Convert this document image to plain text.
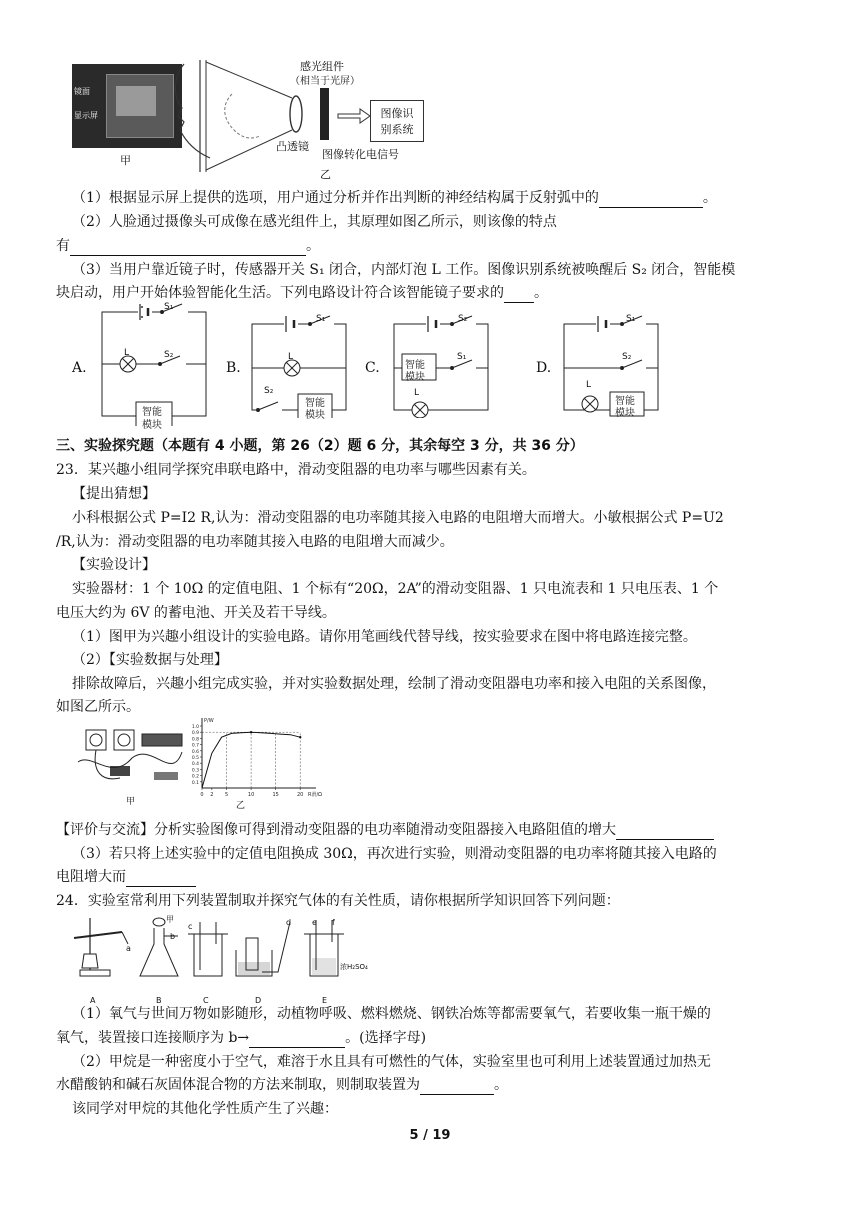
镜面
显示屏
甲
感光组件
（相当于光屏）
凸透镜
图像识
别系统
图像转化电信号
乙
（1）根据显示屏上提供的选项，用户通过分析并作出判断的神经结构属于反射弧中的	。
（2）人脸通过摄像头可成像在感光组件上，其原理如图乙所示，则该像的特点
有	。
（3）当用户靠近镜子时，传感器开关 S₁ 闭合，内部灯泡 L 工作。图像识别系统被唤醒后 S₂ 闭合，智能模
块启动，用户开始体验智能化生活。下列电路设计符合该智能镜子要求的 。
A.
S₁
L	S₂
智能
模块
B.
S₁
L
S₂
智能
模块
C.
S₂
S₁
智能
模块
L
D.
S₁
S₂
L
智能
模块
三、实验探究题（本题有 4 小题，第 26（2）题 6 分，其余每空 3 分，共 36 分）
23．某兴趣小组同学探究串联电路中，滑动变阻器的电功率与哪些因素有关。
【提出猜想】
小科根据公式 P=I2 R,认为：滑动变阻器的电功率随其接入电路的电阻增大而增大。小敏根据公式 P=U2
/R,认为：滑动变阻器的电功率随其接入电路的电阻增大而减少。
【实验设计】
实验器材：1 个 10Ω 的定值电阻、1 个标有“20Ω，2A”的滑动变阻器、1 只电流表和 1 只电压表、1 个
电压大约为 6V 的蓄电池、开关及若干导线。
（1）图甲为兴趣小组设计的实验电路。请你用笔画线代替导线，按实验要求在图中将电路连接完整。
（2）【实验数据与处理】
排除故障后，兴趣小组完成实验，并对实验数据处理，绘制了滑动变阻器电功率和接入电阻的关系图像，
如图乙所示。
甲
1.0
0.9
0.8
0.7
0.6
0.5
0.4
0.3
0.2
0.1
0 2 5	10	15	20
P/W
R滑/Ω
乙
【评价与交流】分析实验图像可得到滑动变阻器的电功率随滑动变阻器接入电路阻值的增大
（3）若只将上述实验中的定值电阻换成 30Ω，再次进行实验，则滑动变阻器的电功率将随其接入电路的
电阻增大而
24．实验室常利用下列装置制取并探究气体的有关性质，请你根据所学知识回答下列问题：
A	B	C	D	E
a
b
c	d	e f
甲
浓H₂SO₄
（1）氧气与世间万物如影随形，动植物呼吸、燃料燃烧、钢铁冶炼等都需要氧气，若要收集一瓶干燥的
氧气，装置接口连接顺序为 b→	。(选择字母)
（2）甲烷是一种密度小于空气，难溶于水且具有可燃性的气体，实验室里也可利用上述装置通过加热无
水醋酸钠和碱石灰固体混合物的方法来制取，则制取装置为	。
该同学对甲烷的其他化学性质产生了兴趣：
5 / 19
